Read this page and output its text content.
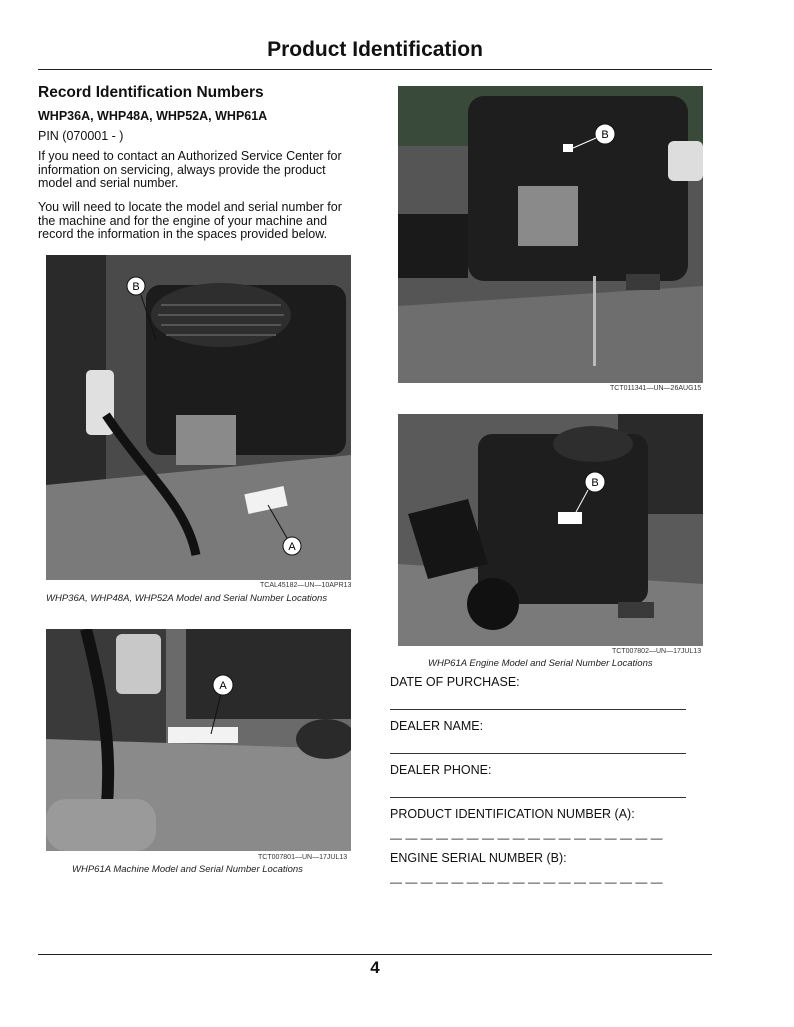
Product Identification
Record Identification Numbers
WHP36A, WHP48A, WHP52A, WHP61A
PIN (070001 - )
If you need to contact an Authorized Service Center for
information on servicing, always provide the product
model and serial number.
You will need to locate the model and serial number for
the machine and for the engine of your machine and
record the information in the spaces provided below.
B
A
TCAL45182—UN—10APR13
WHP36A, WHP48A, WHP52A Model and Serial Number Locations
A
TCT007801—UN—17JUL13
WHP61A Machine Model and Serial Number Locations
B
TCT011341—UN—26AUG15
B
TCT007802—UN—17JUL13
WHP61A Engine Model and Serial Number Locations
DATE OF PURCHASE:
DEALER NAME:
DEALER PHONE:
PRODUCT IDENTIFICATION NUMBER (A):
— — — — — — — — — — — — — — — — — —
ENGINE SERIAL NUMBER (B):
— — — — — — — — — — — — — — — — — —
4
